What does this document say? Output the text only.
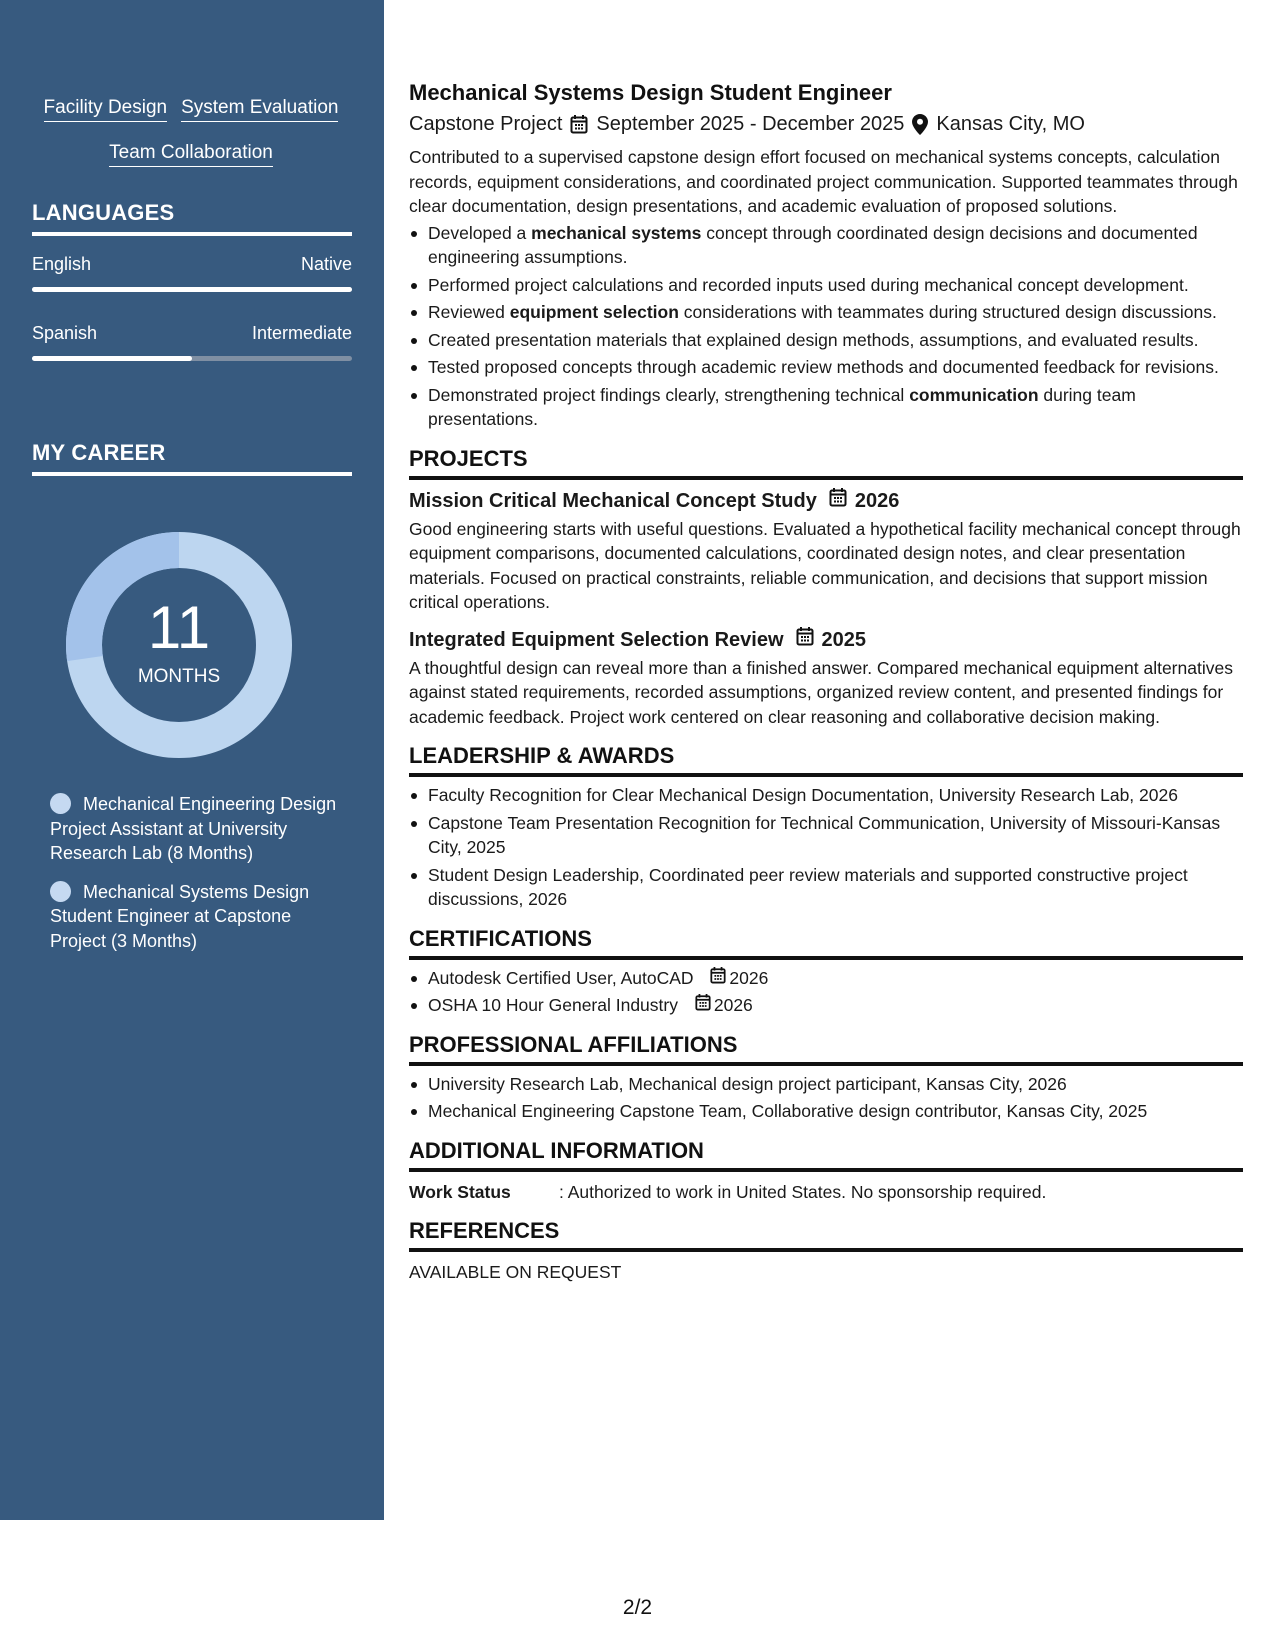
Facility Design System Evaluation
Team Collaboration
LANGUAGES
English	Native
Spanish	Intermediate
MY CAREER
11
MONTHS
Mechanical Engineering Design Project Assistant at University Research Lab (8 Months)
Mechanical Systems Design Student Engineer at Capstone Project (3 Months)
Mechanical Systems Design Student Engineer
Capstone Project September 2025 - December 2025 Kansas City, MO
Contributed to a supervised capstone design effort focused on mechanical systems concepts, calculation records, equipment considerations, and coordinated project communication. Supported teammates through clear documentation, design presentations, and academic evaluation of proposed solutions.
Developed a mechanical systems concept through coordinated design decisions and documented engineering assumptions.
Performed project calculations and recorded inputs used during mechanical concept development.
Reviewed equipment selection considerations with teammates during structured design discussions.
Created presentation materials that explained design methods, assumptions, and evaluated results.
Tested proposed concepts through academic review methods and documented feedback for revisions.
Demonstrated project findings clearly, strengthening technical communication during team presentations.
PROJECTS
Mission Critical Mechanical Concept Study 2026
Good engineering starts with useful questions. Evaluated a hypothetical facility mechanical concept through equipment comparisons, documented calculations, coordinated design notes, and clear presentation materials. Focused on practical constraints, reliable communication, and decisions that support mission critical operations.
Integrated Equipment Selection Review 2025
A thoughtful design can reveal more than a finished answer. Compared mechanical equipment alternatives against stated requirements, recorded assumptions, organized review content, and presented findings for academic feedback. Project work centered on clear reasoning and collaborative decision making.
LEADERSHIP & AWARDS
Faculty Recognition for Clear Mechanical Design Documentation, University Research Lab, 2026
Capstone Team Presentation Recognition for Technical Communication, University of Missouri-Kansas City, 2025
Student Design Leadership, Coordinated peer review materials and supported constructive project discussions, 2026
CERTIFICATIONS
Autodesk Certified User, AutoCAD 2026
OSHA 10 Hour General Industry 2026
PROFESSIONAL AFFILIATIONS
University Research Lab, Mechanical design project participant, Kansas City, 2026
Mechanical Engineering Capstone Team, Collaborative design contributor, Kansas City, 2025
ADDITIONAL INFORMATION
Work Status	: Authorized to work in United States. No sponsorship required.
REFERENCES
AVAILABLE ON REQUEST
2/2
